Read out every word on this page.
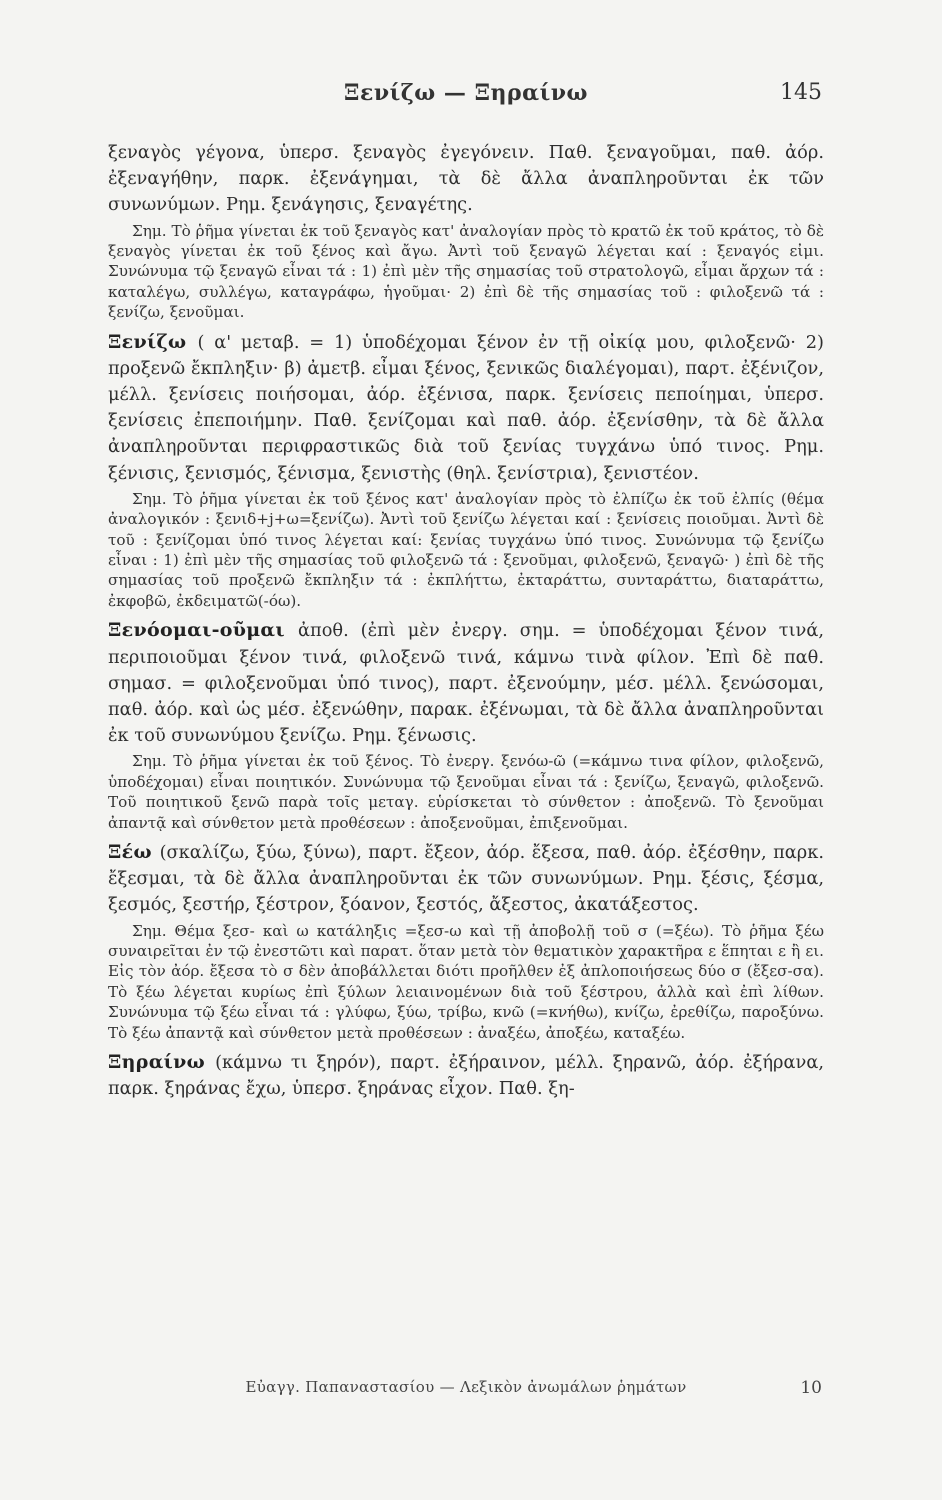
Ξενίζω — Ξηραίνω	145

ξεναγὸς γέγονα, ὑπερσ. ξεναγὸς ἐγεγόνειν. Παθ. ξεναγοῦμαι, παθ. ἀόρ. ἐξεναγήθην, παρκ. ἐξενάγημαι, τὰ δὲ ἄλλα ἀναπληροῦνται ἐκ τῶν συνωνύμων. Ρημ. ξενάγησις, ξεναγέτης.

Σημ. Τὸ ῥῆμα γίνεται ἐκ τοῦ ξεναγὸς κατ' ἀναλογίαν πρὸς τὸ κρατῶ ἐκ τοῦ κράτος, τὸ δὲ ξεναγὸς γίνεται ἐκ τοῦ ξένος καὶ ἄγω. Ἀντὶ τοῦ ξεναγῶ λέγεται καί : ξεναγός εἰμι. Συνώνυμα τῷ ξεναγῶ εἶναι τά : 1) ἐπὶ μὲν τῆς σημασίας τοῦ στρατολογῶ, εἶμαι ἄρχων τά : καταλέγω, συλλέγω, καταγράφω, ἡγοῦμαι· 2) ἐπὶ δὲ τῆς σημασίας τοῦ : φιλοξενῶ τά : ξενίζω, ξενοῦμαι.

Ξενίζω ( α' μεταβ. = 1) ὑποδέχομαι ξένον ἐν τῇ οἰκίᾳ μου, φιλοξενῶ· 2) προξενῶ ἔκπληξιν· β) ἀμετβ. εἶμαι ξένος, ξενικῶς διαλέγομαι), παρτ. ἐξένιζον, μέλλ. ξενίσεις ποιήσομαι, ἀόρ. ἐξένισα, παρκ. ξενίσεις πεποίημαι, ὑπερσ. ξενίσεις ἐπεποιήμην. Παθ. ξενίζομαι καὶ παθ. ἀόρ. ἐξενίσθην, τὰ δὲ ἄλλα ἀναπληροῦνται περιφραστικῶς διὰ τοῦ ξενίας τυγχάνω ὑπό τινος. Ρημ. ξένισις, ξενισμός, ξένισμα, ξενιστὴς (θηλ. ξενίστρια), ξενιστέον.

Σημ. Τὸ ῥῆμα γίνεται ἐκ τοῦ ξένος κατ' ἀναλογίαν πρὸς τὸ ἐλπίζω ἐκ τοῦ ἐλπίς (θέμα ἀναλογικόν : ξενιδ+j+ω=ξενίζω). Ἀντὶ τοῦ ξενίζω λέγεται καί : ξενίσεις ποιοῦμαι. Ἀντὶ δὲ τοῦ : ξενίζομαι ὑπό τινος λέγεται καί: ξενίας τυγχάνω ὑπό τινος. Συνώνυμα τῷ ξενίζω εἶναι : 1) ἐπὶ μὲν τῆς σημασίας τοῦ φιλοξενῶ τά : ξενοῦμαι, φιλοξενῶ, ξεναγῶ· ) ἐπὶ δὲ τῆς σημασίας τοῦ προξενῶ ἔκπληξιν τά : ἐκπλήττω, ἐκταράττω, συνταράττω, διαταράττω, ἐκφοβῶ, ἐκδειματῶ(-όω).

Ξενόομαι-οῦμαι ἀποθ. (ἐπὶ μὲν ἐνεργ. σημ. = ὑποδέχομαι ξένον τινά, περιποιοῦμαι ξένον τινά, φιλοξενῶ τινά, κάμνω τινὰ φίλον. Ἐπὶ δὲ παθ. σημασ. = φιλοξενοῦμαι ὑπό τινος), παρτ. ἐξενούμην, μέσ. μέλλ. ξενώσομαι, παθ. ἀόρ. καὶ ὡς μέσ. ἐξενώθην, παρακ. ἐξένωμαι, τὰ δὲ ἄλλα ἀναπληροῦνται ἐκ τοῦ συνωνύμου ξενίζω. Ρημ. ξένωσις.

Σημ. Τὸ ῥῆμα γίνεται ἐκ τοῦ ξένος. Τὸ ἐνεργ. ξενόω-ῶ (=κάμνω τινα φίλον, φιλοξενῶ, ὑποδέχομαι) εἶναι ποιητικόν. Συνώνυμα τῷ ξενοῦμαι εἶναι τά : ξενίζω, ξεναγῶ, φιλοξενῶ. Τοῦ ποιητικοῦ ξενῶ παρὰ τοῖς μεταγ. εὑρίσκεται τὸ σύνθετον : ἀποξενῶ. Τὸ ξενοῦμαι ἀπαντᾷ καὶ σύνθετον μετὰ προθέσεων : ἀποξενοῦμαι, ἐπιξενοῦμαι.

Ξέω (σκαλίζω, ξύω, ξύνω), παρτ. ἔξεον, ἀόρ. ἔξεσα, παθ. ἀόρ. ἐξέσθην, παρκ. ἔξεσμαι, τὰ δὲ ἄλλα ἀναπληροῦνται ἐκ τῶν συνωνύμων. Ρημ. ξέσις, ξέσμα, ξεσμός, ξεστήρ, ξέστρον, ξόανον, ξεστός, ἄξεστος, ἀκατάξεστος.

Σημ. Θέμα ξεσ- καὶ ω κατάληξις =ξεσ-ω καὶ τῇ ἀποβολῇ τοῦ σ (=ξέω). Τὸ ῥῆμα ξέω συναιρεῖται ἐν τῷ ἐνεστῶτι καὶ παρατ. ὅταν μετὰ τὸν θεματικὸν χαρακτῆρα ε ἕπηται ε ἢ ει. Εἰς τὸν ἀόρ. ἔξεσα τὸ σ δὲν ἀποβάλλεται διότι προῆλθεν ἐξ ἀπλοποιήσεως δύο σ (ἔξεσ-σα). Τὸ ξέω λέγεται κυρίως ἐπὶ ξύλων λειαινομένων διὰ τοῦ ξέστρου, ἀλλὰ καὶ ἐπὶ λίθων. Συνώνυμα τῷ ξέω εἶναι τά : γλύφω, ξύω, τρίβω, κνῶ (=κνήθω), κνίζω, ἐρεθίζω, παροξύνω. Τὸ ξέω ἀπαντᾷ καὶ σύνθετον μετὰ προθέσεων : ἀναξέω, ἀποξέω, καταξέω.

Ξηραίνω (κάμνω τι ξηρόν), παρτ. ἐξήραινον, μέλλ. ξηρανῶ, ἀόρ. ἐξήρανα, παρκ. ξηράνας ἔχω, ὑπερσ. ξηράνας εἶχον. Παθ. ξη-

Εὐαγγ. Παπαναστασίου — Λεξικὸν ἀνωμάλων ῥημάτων	10
